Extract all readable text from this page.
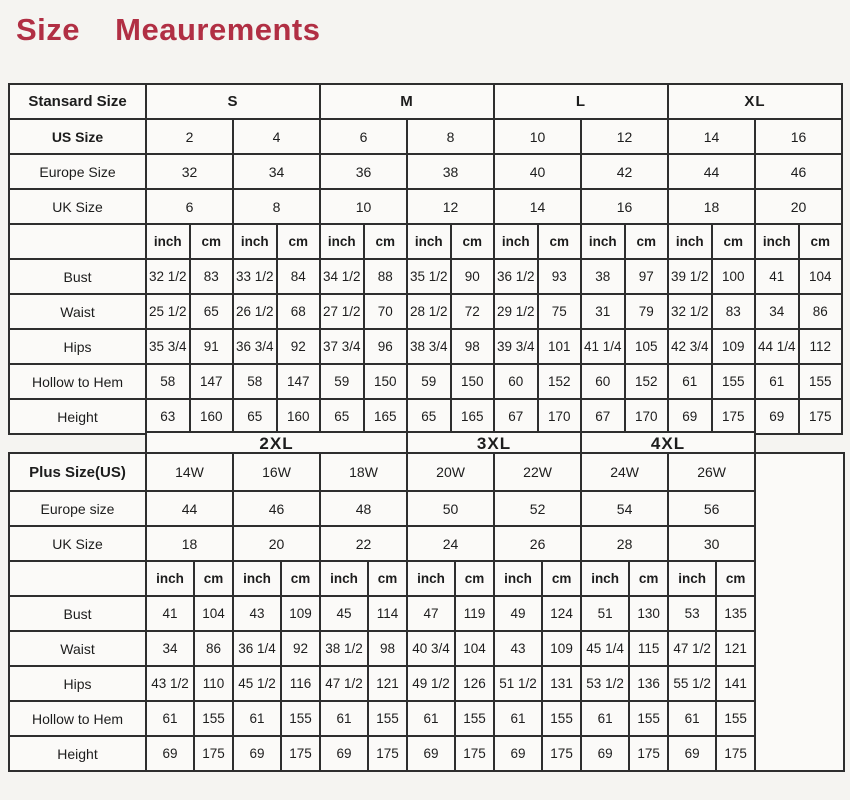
Size Meaurements
Stansard Size	S				M				L				XL			
US Size	2		4		6		8		10		12		14		16	
Europe Size	32		34		36		38		40		42		44		46	
UK Size	6		8		10		12		14		16		18		20	
	inch	cm	inch	cm	inch	cm	inch	cm	inch	cm	inch	cm	inch	cm	inch	cm
Bust	32 1/2	83	33 1/2	84	34 1/2	88	35 1/2	90	36 1/2	93	38	97	39 1/2	100	41	104
Waist	25 1/2	65	26 1/2	68	27 1/2	70	28 1/2	72	29 1/2	75	31	79	32 1/2	83	34	86
Hips	35 3/4	91	36 3/4	92	37 3/4	96	38 3/4	98	39 3/4	101	41 1/4	105	42 3/4	109	44 1/4	112
Hollow to Hem	58	147	58	147	59	150	59	150	60	152	60	152	61	155	61	155
Height	63	160	65	160	65	165	65	165	67	170	67	170	69	175	69	175
2XL	3XL	4XL
Plus Size(US)	14W		16W		18W		20W		22W		24W		26W		
Europe size	44		46		48		50		52		54		56		
UK Size	18		20		22		24		26		28		30		
	inch	cm	inch	cm	inch	cm	inch	cm	inch	cm	inch	cm	inch	cm	
Bust	41	104	43	109	45	114	47	119	49	124	51	130	53	135	
Waist	34	86	36 1/4	92	38 1/2	98	40 3/4	104	43	109	45 1/4	115	47 1/2	121	
Hips	43 1/2	110	45 1/2	116	47 1/2	121	49 1/2	126	51 1/2	131	53 1/2	136	55 1/2	141	
Hollow to Hem	61	155	61	155	61	155	61	155	61	155	61	155	61	155	
Height	69	175	69	175	69	175	69	175	69	175	69	175	69	175	
